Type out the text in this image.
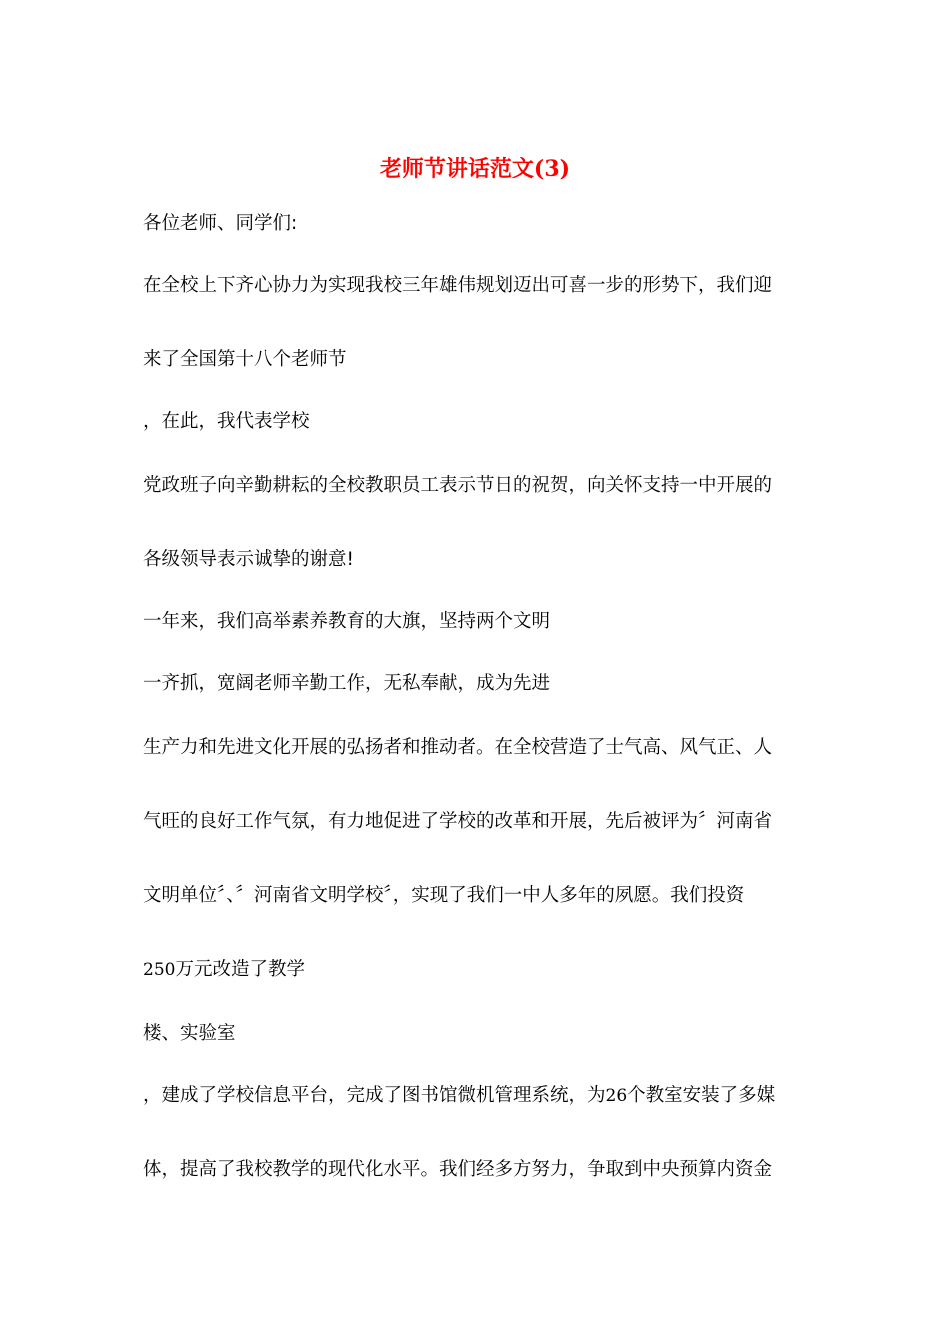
老师节讲话范文(3)

各位老师、同学们:

在全校上下齐心协力为实现我校三年雄伟规划迈出可喜一步的形势下，我们迎

来了全国第十八个老师节

，在此，我代表学校

党政班子向辛勤耕耘的全校教职员工表示节日的祝贺，向关怀支持一中开展的

各级领导表示诚挚的谢意!

一年来，我们高举素养教育的大旗，坚持两个文明

一齐抓，宽阔老师辛勤工作，无私奉献，成为先进

生产力和先进文化开展的弘扬者和推动者。在全校营造了士气高、风气正、人

气旺的良好工作气氛，有力地促进了学校的改革和开展，先后被评为〞河南省

文明单位〞、〞河南省文明学校〞，实现了我们一中人多年的夙愿。我们投资

250万元改造了教学

楼、实验室

，建成了学校信息平台，完成了图书馆微机管理系统，为26个教室安装了多媒

体，提高了我校教学的现代化水平。我们经多方努力，争取到中央预算内资金
